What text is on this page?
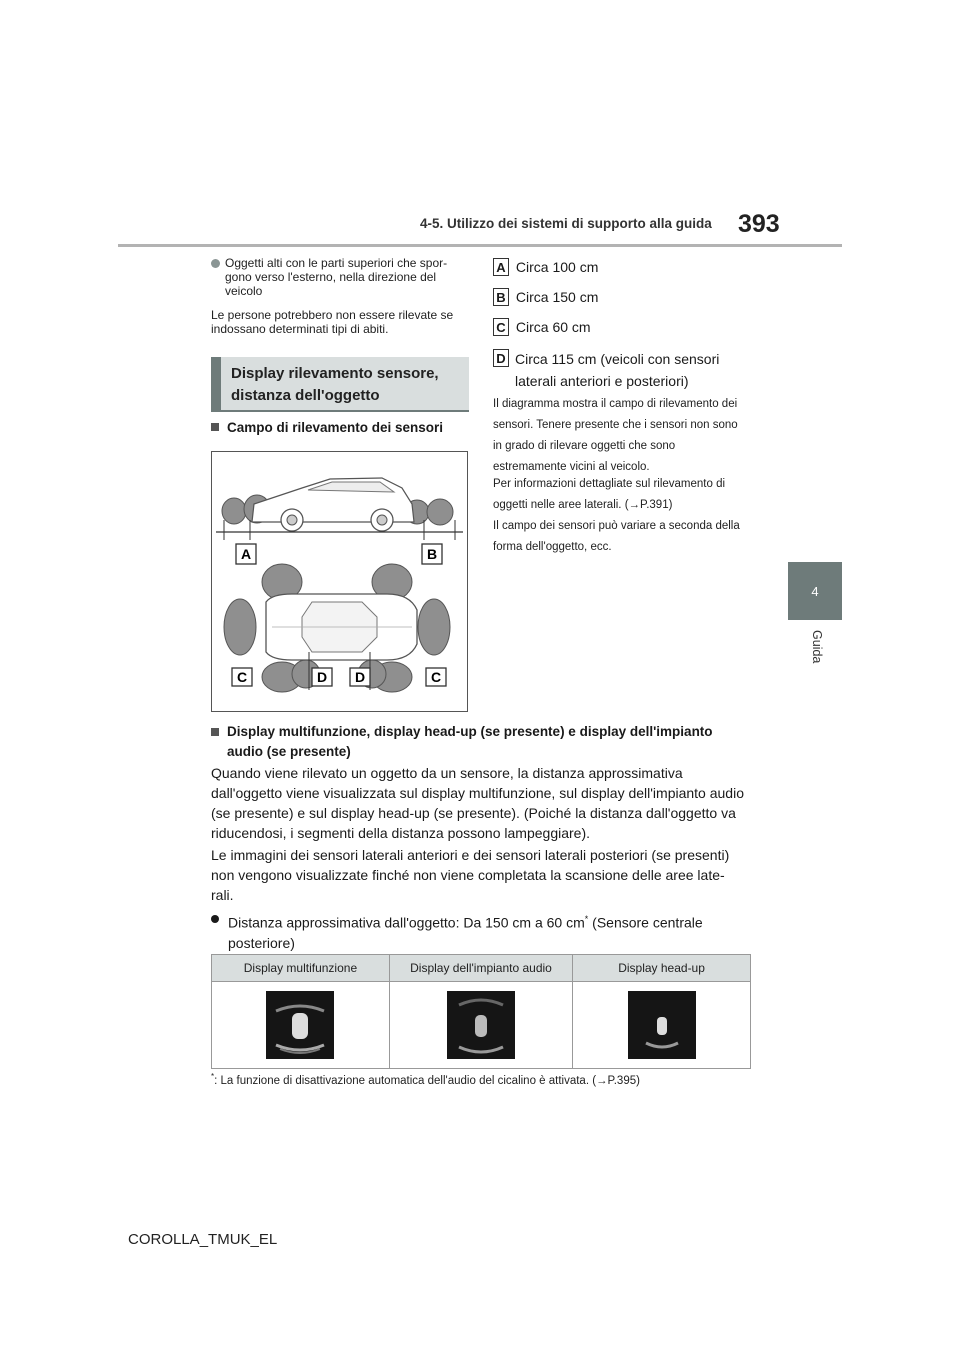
4-5. Utilizzo dei sistemi di supporto alla guida 393
4
Guida
Oggetti alti con le parti superiori che spor- gono verso l'esterno, nella direzione del veicolo
Le persone potrebbero non essere rilevate se indossano determinati tipi di abiti.
Display rilevamento sensore, distanza dell'oggetto
Campo di rilevamento dei sensori
A	B
C	D D	C
A Circa 100 cm
B Circa 150 cm
C Circa 60 cm
D Circa 115 cm (veicoli con sensori laterali anteriori e posteriori)
Il diagramma mostra il campo di rilevamento dei sensori. Tenere presente che i sensori non sono in grado di rilevare oggetti che sono estremamente vicini al veicolo.
Per informazioni dettagliate sul rilevamento di oggetti nelle aree laterali. (→P.391)
Il campo dei sensori può variare a seconda della forma dell'oggetto, ecc.
Display multifunzione, display head-up (se presente) e display dell'impianto audio (se presente)
Quando viene rilevato un oggetto da un sensore, la distanza approssimativa dall'oggetto viene visualizzata sul display multifunzione, sul display dell'impianto audio (se presente) e sul display head-up (se presente). (Poiché la distanza dall'oggetto va riducendosi, i segmenti della distanza possono lampeggiare).
Le immagini dei sensori laterali anteriori e dei sensori laterali posteriori (se presenti) non vengono visualizzate finché non viene completata la scansione delle aree late- rali.
Distanza approssimativa dall'oggetto: Da 150 cm a 60 cm* (Sensore centrale posteriore)
Display multifunzione	Display dell'impianto audio	Display head-up

*: La funzione di disattivazione automatica dell'audio del cicalino è attivata. (→P.395)
COROLLA_TMUK_EL
